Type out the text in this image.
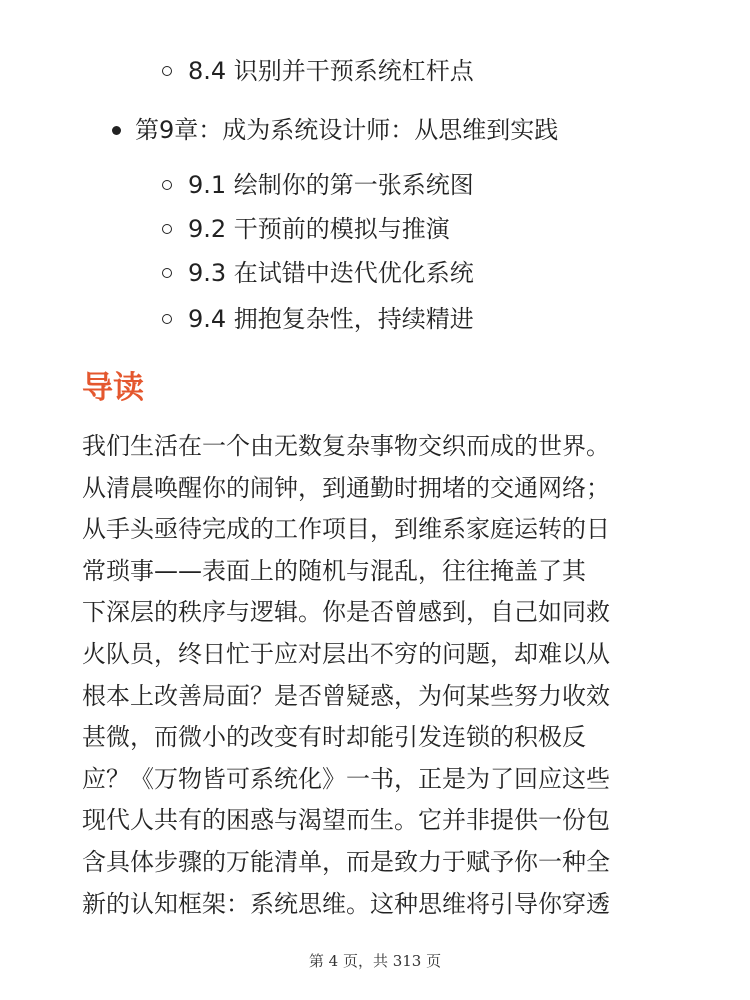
8.4 识别并干预系统杠杆点
第9章：成为系统设计师：从思维到实践
9.1 绘制你的第一张系统图
9.2 干预前的模拟与推演
9.3 在试错中迭代优化系统
9.4 拥抱复杂性，持续精进
导读
我们生活在一个由无数复杂事物交织而成的世界。
从清晨唤醒你的闹钟，到通勤时拥堵的交通网络；
从手头亟待完成的工作项目，到维系家庭运转的日
常琐事——表面上的随机与混乱，往往掩盖了其
下深层的秩序与逻辑。你是否曾感到，自己如同救
火队员，终日忙于应对层出不穷的问题，却难以从
根本上改善局面？是否曾疑惑，为何某些努力收效
甚微，而微小的改变有时却能引发连锁的积极反
应？《万物皆可系统化》一书，正是为了回应这些
现代人共有的困惑与渴望而生。它并非提供一份包
含具体步骤的万能清单，而是致力于赋予你一种全
新的认知框架：系统思维。这种思维将引导你穿透
第 4 页，共 313 页
